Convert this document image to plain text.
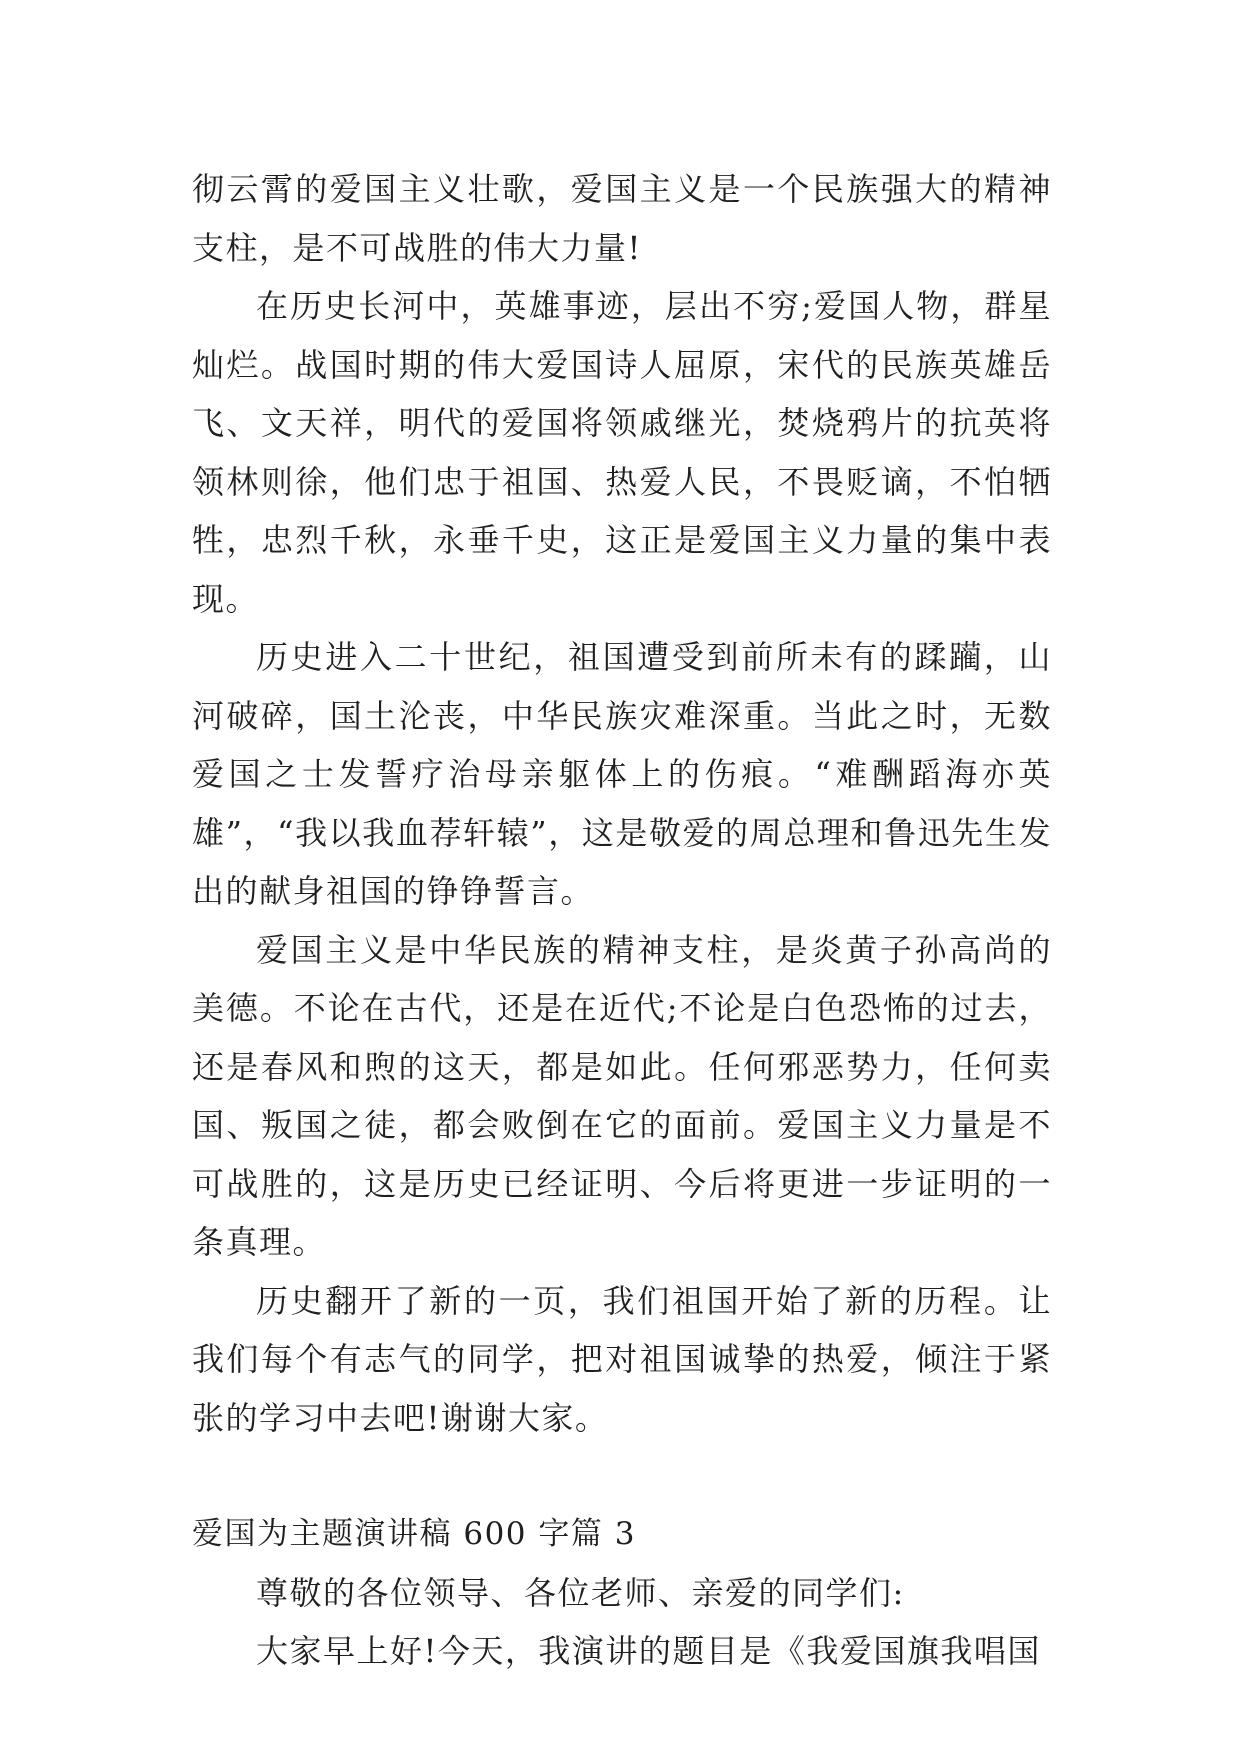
彻云霄的爱国主义壮歌，爱国主义是一个民族强大的精神支柱，是不可战胜的伟大力量!

在历史长河中，英雄事迹，层出不穷;爱国人物，群星灿烂。战国时期的伟大爱国诗人屈原，宋代的民族英雄岳飞、文天祥，明代的爱国将领戚继光，焚烧鸦片的抗英将领林则徐，他们忠于祖国、热爱人民，不畏贬谪，不怕牺牲，忠烈千秋，永垂千史，这正是爱国主义力量的集中表现。

历史进入二十世纪，祖国遭受到前所未有的蹂躏，山河破碎，国土沦丧，中华民族灾难深重。当此之时，无数爱国之士发誓疗治母亲躯体上的伤痕。“难酬蹈海亦英雄”，“我以我血荐轩辕”，这是敬爱的周总理和鲁迅先生发出的献身祖国的铮铮誓言。

爱国主义是中华民族的精神支柱，是炎黄子孙高尚的美德。不论在古代，还是在近代;不论是白色恐怖的过去，还是春风和煦的这天，都是如此。任何邪恶势力，任何卖国、叛国之徒，都会败倒在它的面前。爱国主义力量是不可战胜的，这是历史已经证明、今后将更进一步证明的一条真理。

历史翻开了新的一页，我们祖国开始了新的历程。让我们每个有志气的同学，把对祖国诚挚的热爱，倾注于紧张的学习中去吧!谢谢大家。

爱国为主题演讲稿 600 字篇 3

尊敬的各位领导、各位老师、亲爱的同学们:

大家早上好!今天，我演讲的题目是《我爱国旗我唱国
